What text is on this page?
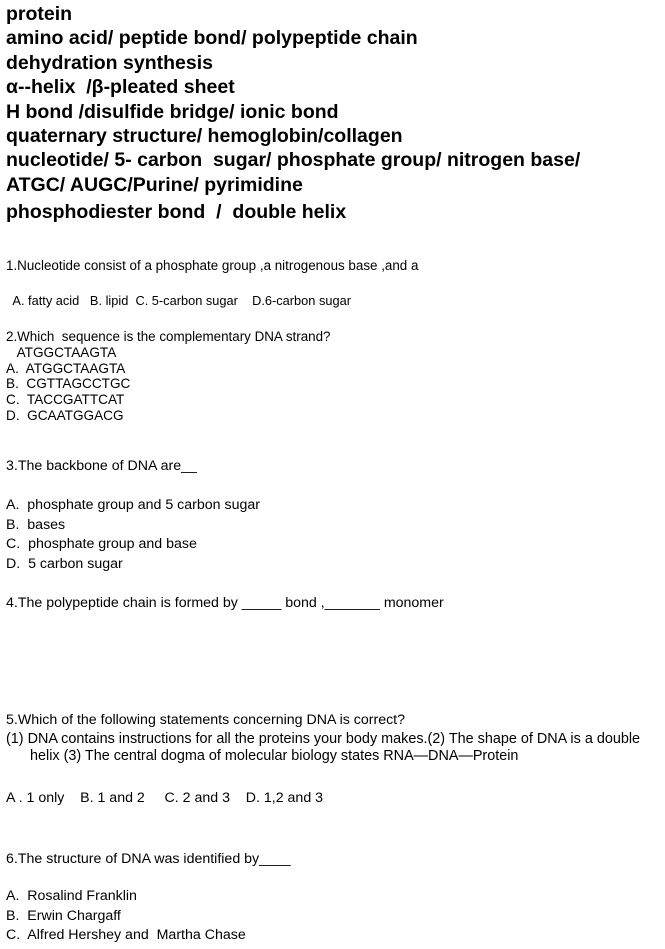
protein
amino acid/ peptide bond/ polypeptide chain
dehydration synthesis
α--helix  /β-pleated sheet
H bond /disulfide bridge/ ionic bond
quaternary structure/ hemoglobin/collagen
nucleotide/ 5- carbon  sugar/ phosphate group/ nitrogen base/
ATGC/ AUGC/Purine/ pyrimidine
phosphodiester bond  /  double helix
1.Nucleotide consist of a phosphate group ,a nitrogenous base ,and a
A. fatty acid   B. lipid  C. 5-carbon sugar    D.6-carbon sugar
2.Which  sequence is the complementary DNA strand?
ATGGCTAAGTA
A.  ATGGCTAAGTA
B.  CGTTAGCCTGC
C.  TACCGATTCAT
D.  GCAATGGACG
3.The backbone of DNA are__
A.  phosphate group and 5 carbon sugar
B.  bases
C.  phosphate group and base
D.  5 carbon sugar
4.The polypeptide chain is formed by _____ bond ,_______ monomer
5.Which of the following statements concerning DNA is correct?
(1) DNA contains instructions for all the proteins your body makes.(2) The shape of DNA is a double helix (3) The central dogma of molecular biology states RNA—DNA—Protein
A . 1 only    B. 1 and 2     C. 2 and 3    D. 1,2 and 3
6.The structure of DNA was identified by____
A.  Rosalind Franklin
B.  Erwin Chargaff
C.  Alfred Hershey and  Martha Chase
